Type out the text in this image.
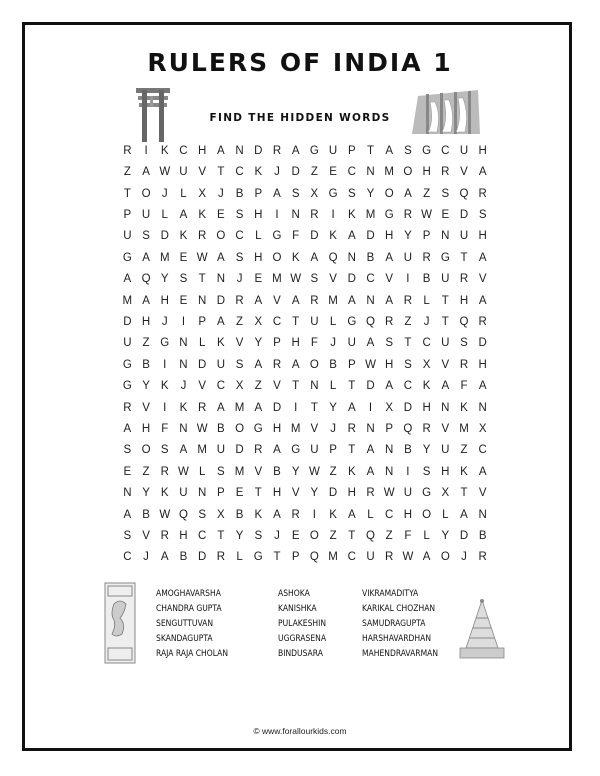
RULERS OF INDIA 1
FIND THE HIDDEN WORDS
R	I	K C H A N D R A G U P T A S G C U H
Z A W U V T C K	J	D Z E C N M O H R V A
T O J	L	X	J	B P A S X G S Y O A Z S Q R
P U L	A K E S H	I	N R	I	K M G R W E D S
U S D K R O C L G F D K A D H Y P N U H
G A M E W A S H O K A Q N B A U R G T A
A Q Y S T N	J	E M W S V D C V	I	B U R V
M A H E N D R A V A R M A N A R L	T H A
D H	J	I	P A Z X C T U L G Q R Z	J	T Q R
U Z G N L	K V Y P H F	J	U A S T C U S D
G B	I	N D U S A R A O B P W H S X V R H
G Y K	J	V C X Z V T N L	T D A C K A F A
R V	I	K R A M A D	I	T Y A	I	X D H N K N
A H F N W B O G H M V	J	R N P Q R V M X
S O S A M U D R A G U P T A N B Y U Z C
E Z R W L	S M V B Y W Z K A N	I	S H K A
N Y K U N P E T H V Y D H R W U G X T V
A B W Q S X B K A R	I	K A	L C H O L	A N
S V R H C T Y S	J	E O Z	T Q Z	F	L	Y D B
C	J	A B D R L G T P Q M C U R W A O J	R
AMOGHAVARSHA	ASHOKA	VIKRAMADITYA
CHANDRA GUPTA	KANISHKA	KARIKAL CHOZHAN
SENGUTTUVAN	PULAKESHIN	SAMUDRAGUPTA
SKANDAGUPTA	UGGRASENA	HARSHAVARDHAN
RAJA RAJA CHOLAN	BINDUSARA	MAHENDRAVARMAN
© www.forallourkids.com
